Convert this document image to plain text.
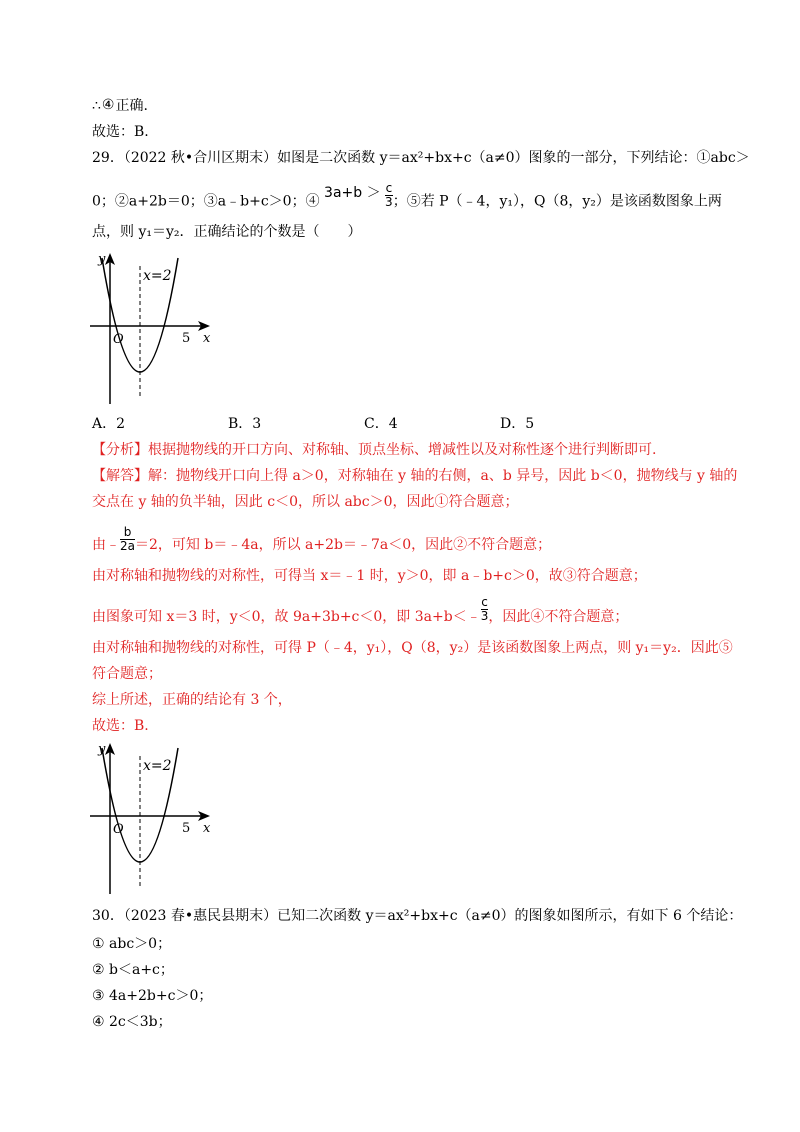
∴④正确.
故选：B.
29．（2022 秋•合川区期末）如图是二次函数 y＝ax²+bx+c（a≠0）图象的一部分，下列结论：①abc＞
0；②a+2b＝0；③a﹣b+c＞0；④ $3a+b > \frac{c}{3}$ ；⑤若 P（﹣4，y₁），Q（8，y₂）是该函数图象上两
点，则 y₁＝y₂．正确结论的个数是（　　）
y
x=2
O	5 x
A．2	B．3	C．4	D．5
【分析】根据抛物线的开口方向、对称轴、顶点坐标、增减性以及对称性逐个进行判断即可.
【解答】解：抛物线开口向上得 a＞0，对称轴在 y 轴的右侧，a、b 异号，因此 b＜0，抛物线与 y 轴的
交点在 y 轴的负半轴，因此 c＜0，所以 abc＞0，因此①符合题意；
由﹣ $\frac{b}{2a} =2$，可知 b＝﹣4a，所以 a+2b＝﹣7a＜0，因此②不符合题意；
由对称轴和抛物线的对称性，可得当 x＝﹣1 时，y＞0，即 a﹣b+c＞0，故③符合题意；
由图象可知 x＝3 时，y＜0，故 9a+3b+c＜0，即 3a+b＜﹣ $\frac{c}{3}$ ，因此④不符合题意；
由对称轴和抛物线的对称性，可得 P（﹣4，y₁），Q（8，y₂）是该函数图象上两点，则 y₁＝y₂．因此⑤
符合题意；
综上所述，正确的结论有 3 个，
故选：B.
y
x=2
O	5 x
30．（2023 春•惠民县期末）已知二次函数 y＝ax²+bx+c（a≠0）的图象如图所示，有如下 6 个结论：
① abc＞0；
② b＜a+c；
③ 4a+2b+c＞0；
④ 2c＜3b；
